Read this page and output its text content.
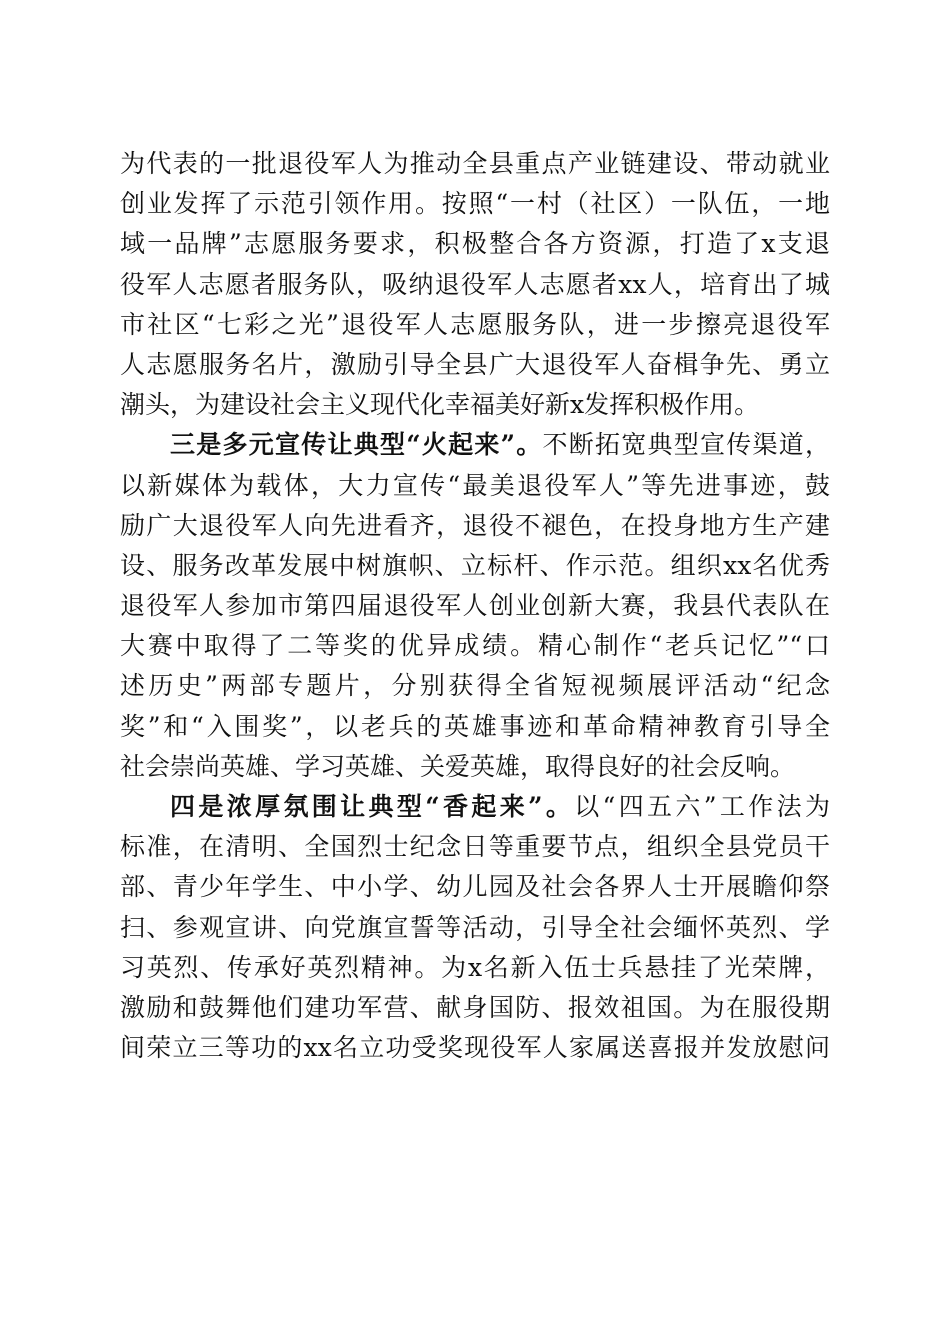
为代表的一批退役军人为推动全县重点产业链建设、带动就业
创业发挥了示范引领作用。按照“一村（社区）一队伍，一地
域一品牌”志愿服务要求，积极整合各方资源，打造了x支退
役军人志愿者服务队，吸纳退役军人志愿者xx人，培育出了城
市社区“七彩之光”退役军人志愿服务队，进一步擦亮退役军
人志愿服务名片，激励引导全县广大退役军人奋楫争先、勇立
潮头，为建设社会主义现代化幸福美好新x发挥积极作用。
三是多元宣传让典型“火起来”。不断拓宽典型宣传渠道，
以新媒体为载体，大力宣传“最美退役军人”等先进事迹，鼓
励广大退役军人向先进看齐，退役不褪色，在投身地方生产建
设、服务改革发展中树旗帜、立标杆、作示范。组织xx名优秀
退役军人参加市第四届退役军人创业创新大赛，我县代表队在
大赛中取得了二等奖的优异成绩。精心制作“老兵记忆”“口
述历史”两部专题片，分别获得全省短视频展评活动“纪念
奖”和“入围奖”，以老兵的英雄事迹和革命精神教育引导全
社会崇尚英雄、学习英雄、关爱英雄，取得良好的社会反响。
四是浓厚氛围让典型“香起来”。以“四五六”工作法为
标准，在清明、全国烈士纪念日等重要节点，组织全县党员干
部、青少年学生、中小学、幼儿园及社会各界人士开展瞻仰祭
扫、参观宣讲、向党旗宣誓等活动，引导全社会缅怀英烈、学
习英烈、传承好英烈精神。为x名新入伍士兵悬挂了光荣牌，
激励和鼓舞他们建功军营、献身国防、报效祖国。为在服役期
间荣立三等功的xx名立功受奖现役军人家属送喜报并发放慰问
